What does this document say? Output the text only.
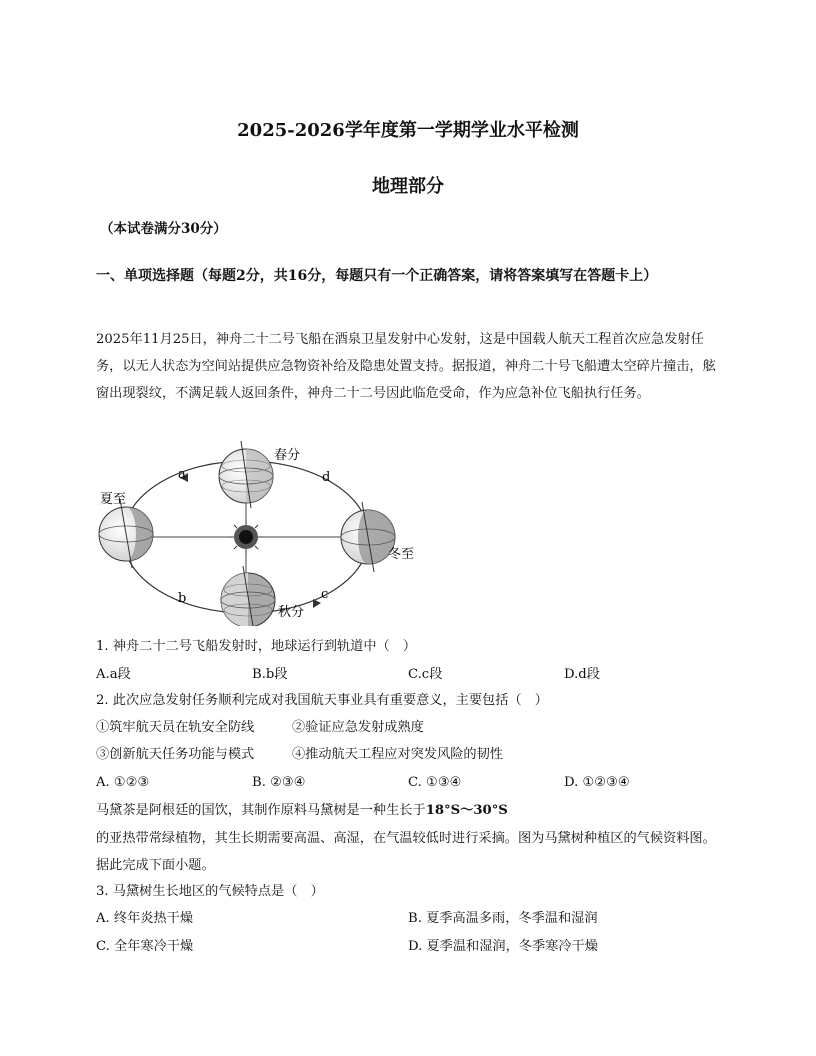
2025-2026学年度第一学期学业水平检测
地理部分
（本试卷满分30分）
一、单项选择题（每题2分，共16分，每题只有一个正确答案，请将答案填写在答题卡上）
2025年11月25日，神舟二十二号飞船在酒泉卫星发射中心发射，这是中国载人航天工程首次应急发射任务，以无人状态为空间站提供应急物资补给及隐患处置支持。据报道，神舟二十号飞船遭太空碎片撞击，舷窗出现裂纹，不满足载人返回条件，神舟二十二号因此临危受命，作为应急补位飞船执行任务。
春分
夏至
冬至
秋分
a	d
b	c
1. 神舟二十二号飞船发射时，地球运行到轨道中（　）
A.a段	B.b段	C.c段	D.d段
2. 此次应急发射任务顺利完成对我国航天事业具有重要意义，主要包括（　）
①筑牢航天员在轨安全防线	②验证应急发射成熟度
③创新航天任务功能与模式	④推动航天工程应对突发风险的韧性
A. ①②③	B. ②③④	C. ①③④	D. ①②③④
马黛茶是阿根廷的国饮，其制作原料马黛树是一种生长于18°S～30°S
的亚热带常绿植物，其生长期需要高温、高湿，在气温较低时进行采摘。图为马黛树种植区的气候资料图。据此完成下面小题。
3. 马黛树生长地区的气候特点是（　）
A. 终年炎热干燥	B. 夏季高温多雨，冬季温和湿润
C. 全年寒冷干燥	D. 夏季温和湿润，冬季寒冷干燥
